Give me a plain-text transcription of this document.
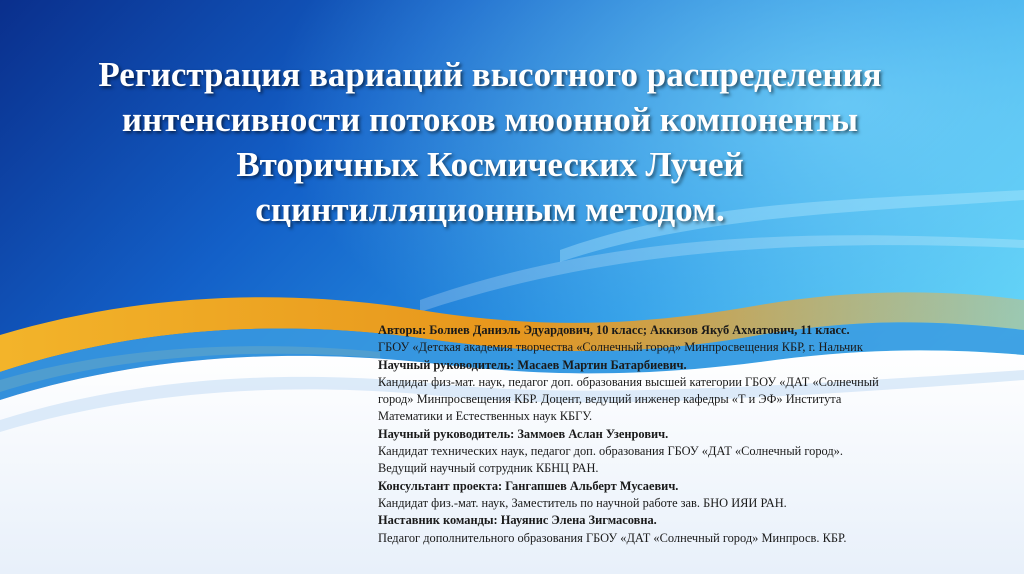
Регистрация вариаций высотного распределения
интенсивности потоков мюонной компоненты
Вторичных Космических Лучей
сцинтилляционным методом.
Авторы: Болиев Даниэль Эдуардович, 10 класс; Аккизов Якуб Ахматович, 11 класс.
ГБОУ «Детская академия творчества «Солнечный город» Минпросвещения КБР, г. Нальчик
Научный руководитель: Масаев Мартин Батарбиевич.
Кандидат физ-мат. наук, педагог доп. образования высшей категории ГБОУ «ДАТ «Солнечный
город» Минпросвещения КБР. Доцент, ведущий инженер кафедры «Т и ЭФ» Института
Математики и Естественных наук КБГУ.
Научный руководитель: Заммоев Аслан Узенрович.
Кандидат технических наук, педагог доп. образования ГБОУ «ДАТ «Солнечный город».
Ведущий научный сотрудник КБНЦ РАН.
Консультант проекта: Гангапшев Альберт Мусаевич.
Кандидат физ.-мат. наук, Заместитель по научной работе зав. БНО ИЯИ РАН.
Наставник команды: Науянис Элена Зигмасовна.
Педагог дополнительного образования ГБОУ «ДАТ «Солнечный город» Минпросв. КБР.
